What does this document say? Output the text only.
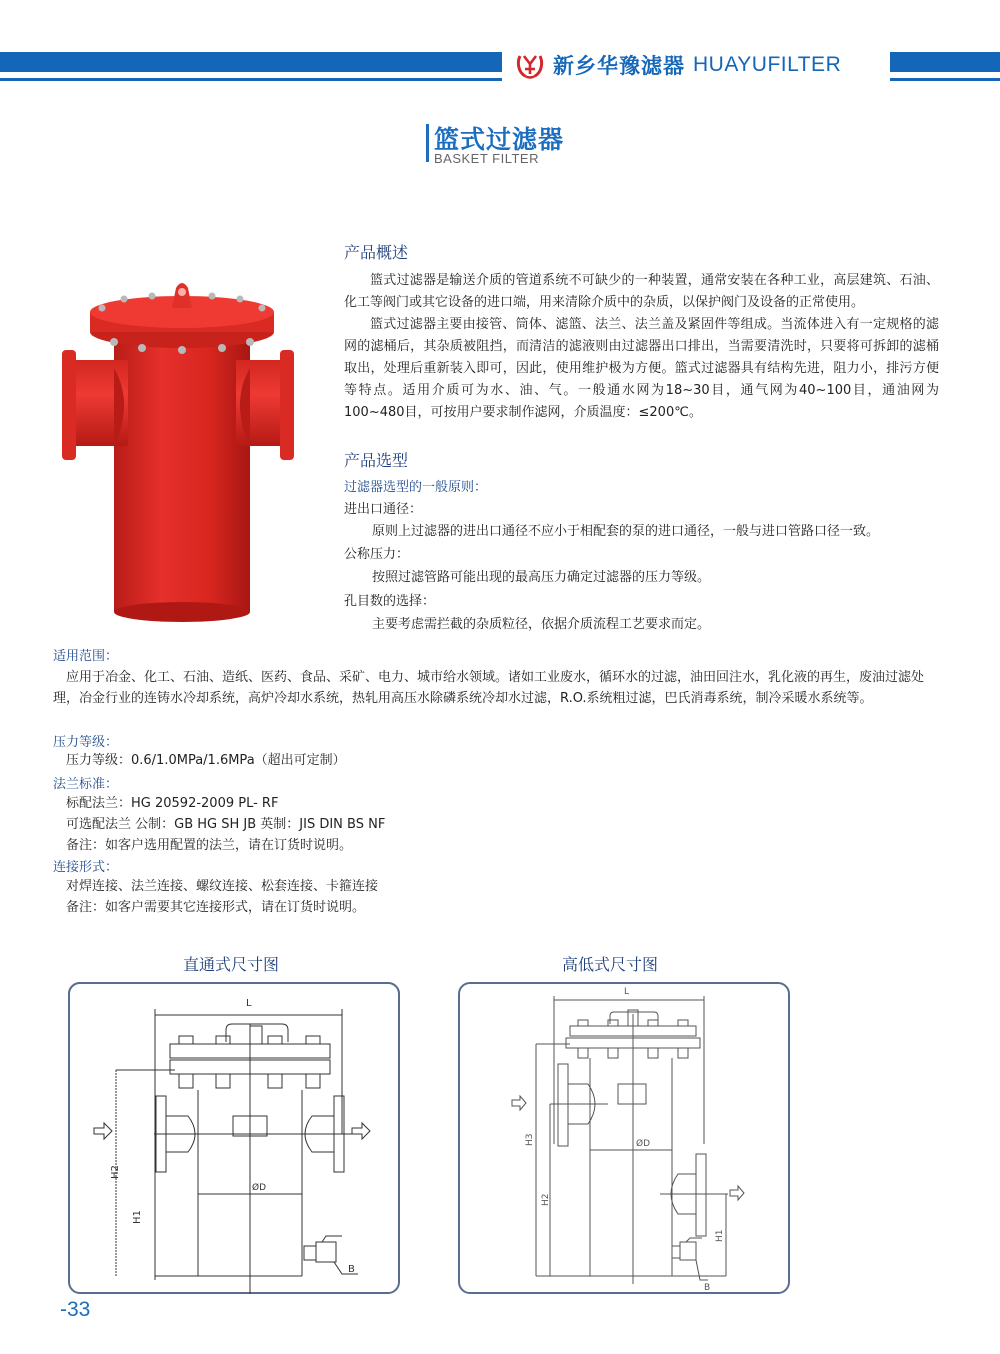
新乡华豫滤器 HUAYUFILTER
篮式过滤器
BASKET FILTER
产品概述
篮式过滤器是输送介质的管道系统不可缺少的一种装置，通常安装在各种工业，高层建筑、石油、化工等阀门或其它设备的进口端，用来清除介质中的杂质，以保护阀门及设备的正常使用。
篮式过滤器主要由接管、筒体、滤篮、法兰、法兰盖及紧固件等组成。当流体进入有一定规格的滤网的滤桶后，其杂质被阻挡，而清洁的滤液则由过滤器出口排出，当需要清洗时，只要将可拆卸的滤桶取出，处理后重新装入即可，因此，使用维护极为方便。篮式过滤器具有结构先进，阻力小，排污方便等特点。适用介质可为水、油、气。一般通水网为18~30目，通气网为40~100目，通油网为100~480目，可按用户要求制作滤网，介质温度：≤200℃。
产品选型
过滤器选型的一般原则：
进出口通径：
原则上过滤器的进出口通径不应小于相配套的泵的进口通径，一般与进口管路口径一致。
公称压力：
按照过滤管路可能出现的最高压力确定过滤器的压力等级。
孔目数的选择：
主要考虑需拦截的杂质粒径，依据介质流程工艺要求而定。
适用范围：
应用于冶金、化工、石油、造纸、医药、食品、采矿、电力、城市给水领域。诸如工业废水，循环水的过滤，油田回注水，乳化液的再生，废油过滤处理，冶金行业的连铸水冷却系统，高炉冷却水系统，热轧用高压水除磷系统冷却水过滤，R.O.系统粗过滤，巴氏消毒系统，制冷采暖水系统等。
压力等级：
压力等级：0.6/1.0MPa/1.6MPa（超出可定制）
法兰标准：
标配法兰：HG 20592-2009 PL- RF
可选配法兰 公制：GB HG SH JB 英制：JIS DIN BS NF
备注：如客户选用配置的法兰，请在订货时说明。
连接形式：
对焊连接、法兰连接、螺纹连接、松套连接、卡箍连接
备注：如客户需要其它连接形式，请在订货时说明。
直通式尺寸图
L
ØD
H2
H1
B
高低式尺寸图
L
ØD
H3
H2
H1
B
-33
